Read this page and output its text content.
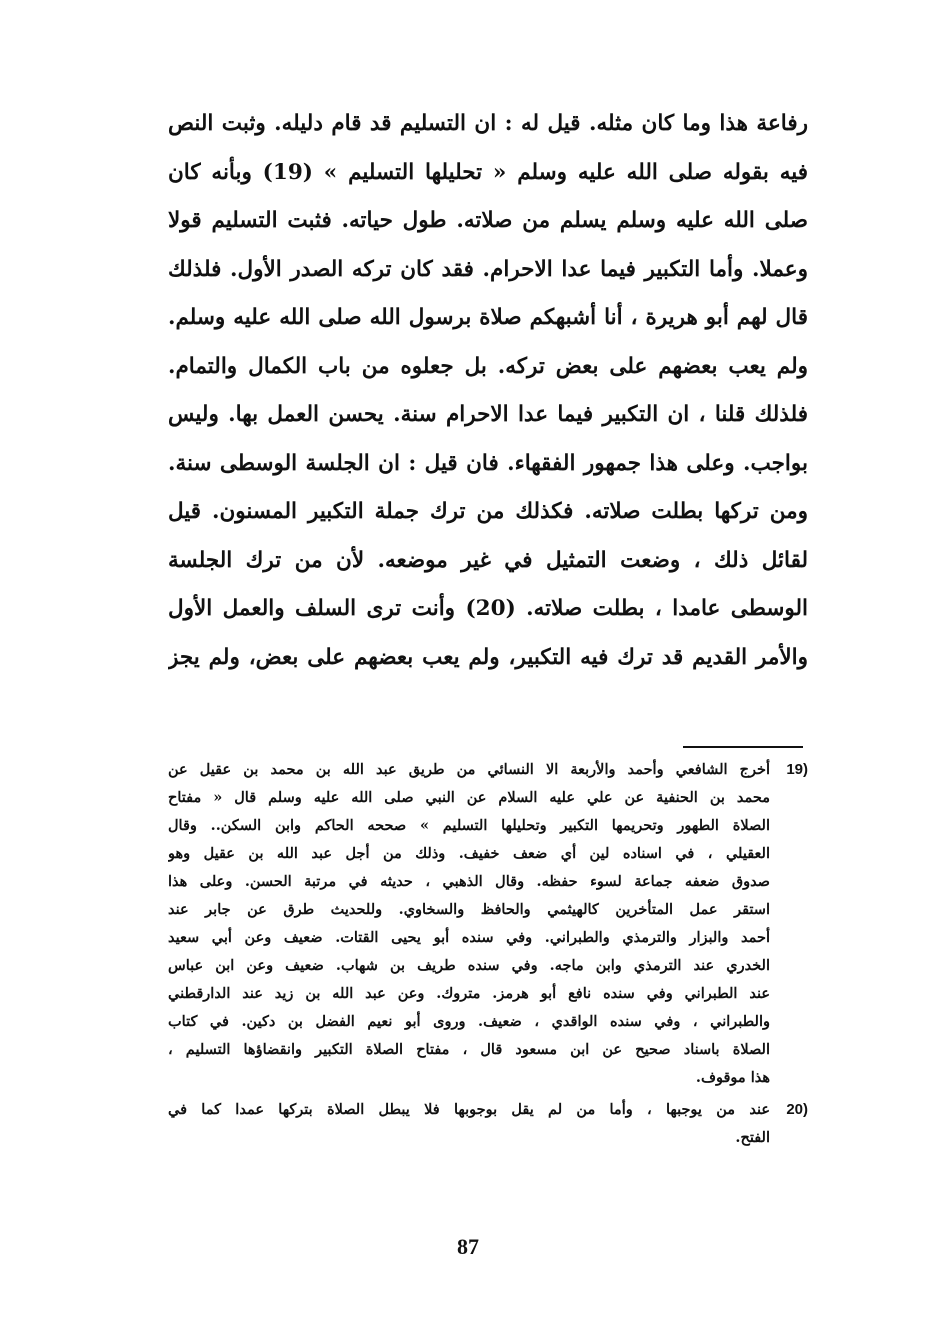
رفاعة هذا وما كان مثله. قيل له : ان التسليم قد قام دليله. وثبت النص
فيه بقوله صلى الله عليه وسلم « تحليلها التسليم » (19) وبأنه كان
صلى الله عليه وسلم يسلم من صلاته. طول حياته. فثبت التسليم قولا
وعملا. وأما التكبير فيما عدا الاحرام. فقد كان تركه الصدر الأول. فلذلك
قال لهم أبو هريرة ، أنا أشبهكم صلاة برسول الله صلى الله عليه وسلم.
ولم يعب بعضهم على بعض تركه. بل جعلوه من باب الكمال والتمام.
فلذلك قلنا ، ان التكبير فيما عدا الاحرام سنة. يحسن العمل بها. وليس
بواجب. وعلى هذا جمهور الفقهاء. فان قيل : ان الجلسة الوسطى سنة.
ومن تركها بطلت صلاته. فكذلك من ترك جملة التكبير المسنون. قيل
لقائل ذلك ، وضعت التمثيل في غير موضعه. لأن من ترك الجلسة
الوسطى عامدا ، بطلت صلاته. (20) وأنت ترى السلف والعمل الأول
والأمر القديم قد ترك فيه التكبير، ولم يعب بعضهم على بعض، ولم يجز
19)
أخرج الشافعي وأحمد والأربعة الا النسائي من طريق عبد الله بن محمد بن عقيل عن
محمد بن الحنفية عن علي عليه السلام عن النبي صلى الله عليه وسلم قال « مفتاح
الصلاة الطهور وتحريمها التكبير وتحليلها التسليم » صححه الحاكم وابن السكن.. وقال
العقيلي ، في اسناده لين أي ضعف خفيف. وذلك من أجل عبد الله بن عقيل وهو
صدوق ضعفه جماعة لسوء حفظه. وقال الذهبي ، حديثه في مرتبة الحسن. وعلى هذا
استقر عمل المتأخرين كالهيثمي والحافظ والسخاوي. وللحديث طرق عن جابر عند
أحمد والبزار والترمذي والطبراني. وفي سنده أبو يحيى القتات. ضعيف وعن أبي سعيد
الخدري عند الترمذي وابن ماجه. وفي سنده طريف بن شهاب. ضعيف وعن ابن عباس
عند الطبراني وفي سنده نافع أبو هرمز. متروك. وعن عبد الله بن زيد عند الدارقطني
والطبراني ، وفي سنده الواقدي ، ضعيف. وروى أبو نعيم الفضل بن دكين. في كتاب
الصلاة باسناد صحيح عن ابن مسعود قال ، مفتاح الصلاة التكبير وانقضاؤها التسليم ،
هذا موقوف.
20)
عند من يوجبها ، وأما من لم يقل بوجوبها فلا يبطل الصلاة بتركها عمدا كما في
الفتح.
87
